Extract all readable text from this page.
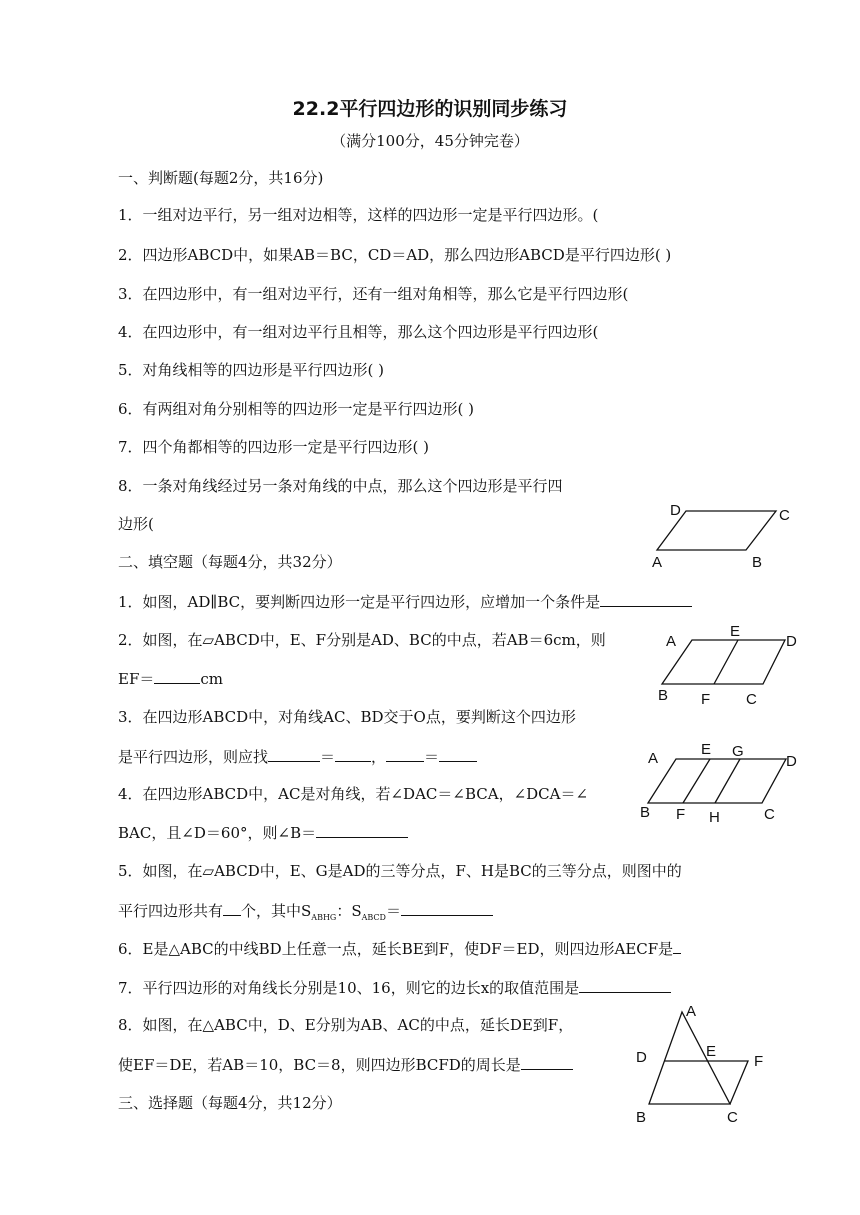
22.2平行四边形的识别同步练习
（满分100分，45分钟完卷）
一、判断题(每题2分，共16分)
1．一组对边平行，另一组对边相等，这样的四边形一定是平行四边形。(
2．四边形ABCD中，如果AB＝BC，CD＝AD，那么四边形ABCD是平行四边形( )
3．在四边形中，有一组对边平行，还有一组对角相等，那么它是平行四边形(
4．在四边形中，有一组对边平行且相等，那么这个四边形是平行四边形(
5．对角线相等的四边形是平行四边形( )
6．有两组对角分别相等的四边形一定是平行四边形( )
7．四个角都相等的四边形一定是平行四边形( )
8．一条对角线经过另一条对角线的中点，那么这个四边形是平行四
边形(
二、填空题（每题4分，共32分）
1．如图，AD∥BC，要判断四边形一定是平行四边形，应增加一个条件是
2．如图，在▱ABCD中，E、F分别是AD、BC的中点，若AB＝6cm，则
EF＝	cm
3．在四边形ABCD中，对角线AC、BD交于O点，要判断这个四边形
是平行四边形，则应找	＝ ，	＝
4．在四边形ABCD中，AC是对角线，若∠DAC＝∠BCA，∠DCA＝∠
BAC，且∠D＝60°，则∠B＝
5．如图，在▱ABCD中，E、G是AD的三等分点，F、H是BC的三等分点，则图中的
平行四边形共有 个，其中$S_{ABHG}$：$S_{ABCD}=$
6．E是△ABC的中线BD上任意一点，延长BE到F，使DF＝ED，则四边形AECF是
7．平行四边形的对角线长分别是10、16，则它的边长x的取值范围是
8．如图，在△ABC中，D、E分别为AB、AC的中点，延长DE到F，
使EF＝DE，若AB＝10，BC＝8，则四边形BCFD的周长是
三、选择题（每题4分，共12分）
D	C
A	B
A
E
D
B F C
A
E G
D
B F H	C
A
D	E
F
B	C
